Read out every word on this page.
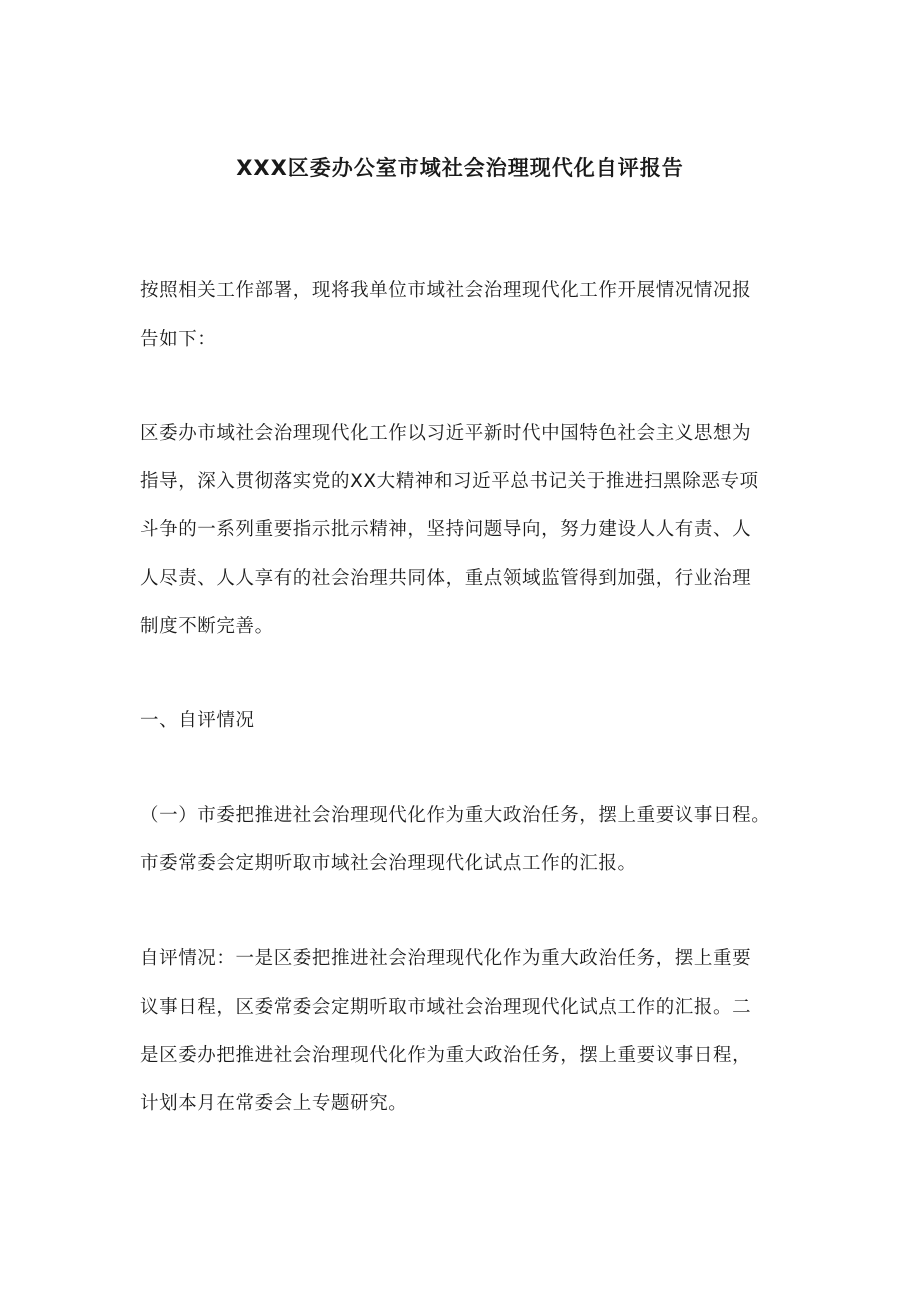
XXX区委办公室市域社会治理现代化自评报告

按照相关工作部署，现将我单位市域社会治理现代化工作开展情况情况报

告如下：

区委办市域社会治理现代化工作以习近平新时代中国特色社会主义思想为

指导，深入贯彻落实党的XX大精神和习近平总书记关于推进扫黑除恶专项

斗争的一系列重要指示批示精神，坚持问题导向，努力建设人人有责、人

人尽责、人人享有的社会治理共同体，重点领域监管得到加强，行业治理

制度不断完善。

一、自评情况

（一）市委把推进社会治理现代化作为重大政治任务，摆上重要议事日程。

市委常委会定期听取市域社会治理现代化试点工作的汇报。

自评情况：一是区委把推进社会治理现代化作为重大政治任务，摆上重要

议事日程，区委常委会定期听取市域社会治理现代化试点工作的汇报。二

是区委办把推进社会治理现代化作为重大政治任务，摆上重要议事日程，

计划本月在常委会上专题研究。
